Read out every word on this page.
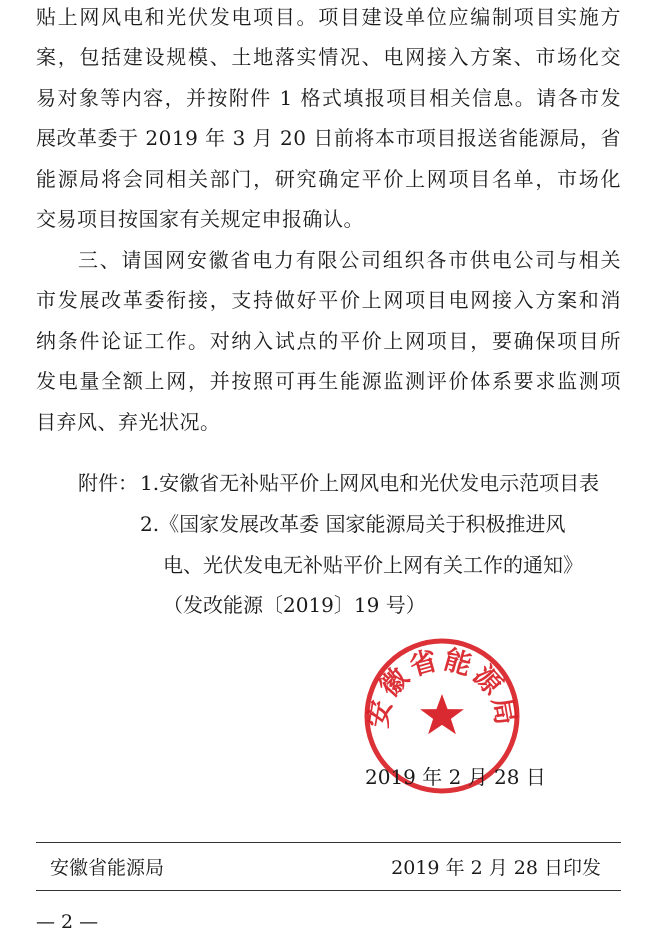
贴上网风电和光伏发电项目。项目建设单位应编制项目实施方
案，包括建设规模、土地落实情况、电网接入方案、市场化交
易对象等内容，并按附件 1 格式填报项目相关信息。请各市发
展改革委于 2019 年 3 月 20 日前将本市项目报送省能源局，省
能源局将会同相关部门，研究确定平价上网项目名单，市场化
交易项目按国家有关规定申报确认。
三、请国网安徽省电力有限公司组织各市供电公司与相关
市发展改革委衔接，支持做好平价上网项目电网接入方案和消
纳条件论证工作。对纳入试点的平价上网项目，要确保项目所
发电量全额上网，并按照可再生能源监测评价体系要求监测项
目弃风、弃光状况。
附件： 1.安徽省无补贴平价上网风电和光伏发电示范项目表
2.《国家发展改革委 国家能源局关于积极推进风
电、光伏发电无补贴平价上网有关工作的通知》
（发改能源〔2019〕19 号）
安徽省能源局
2019 年 2 月 28 日
安徽省能源局	2019 年 2 月 28 日印发
— 2 —
